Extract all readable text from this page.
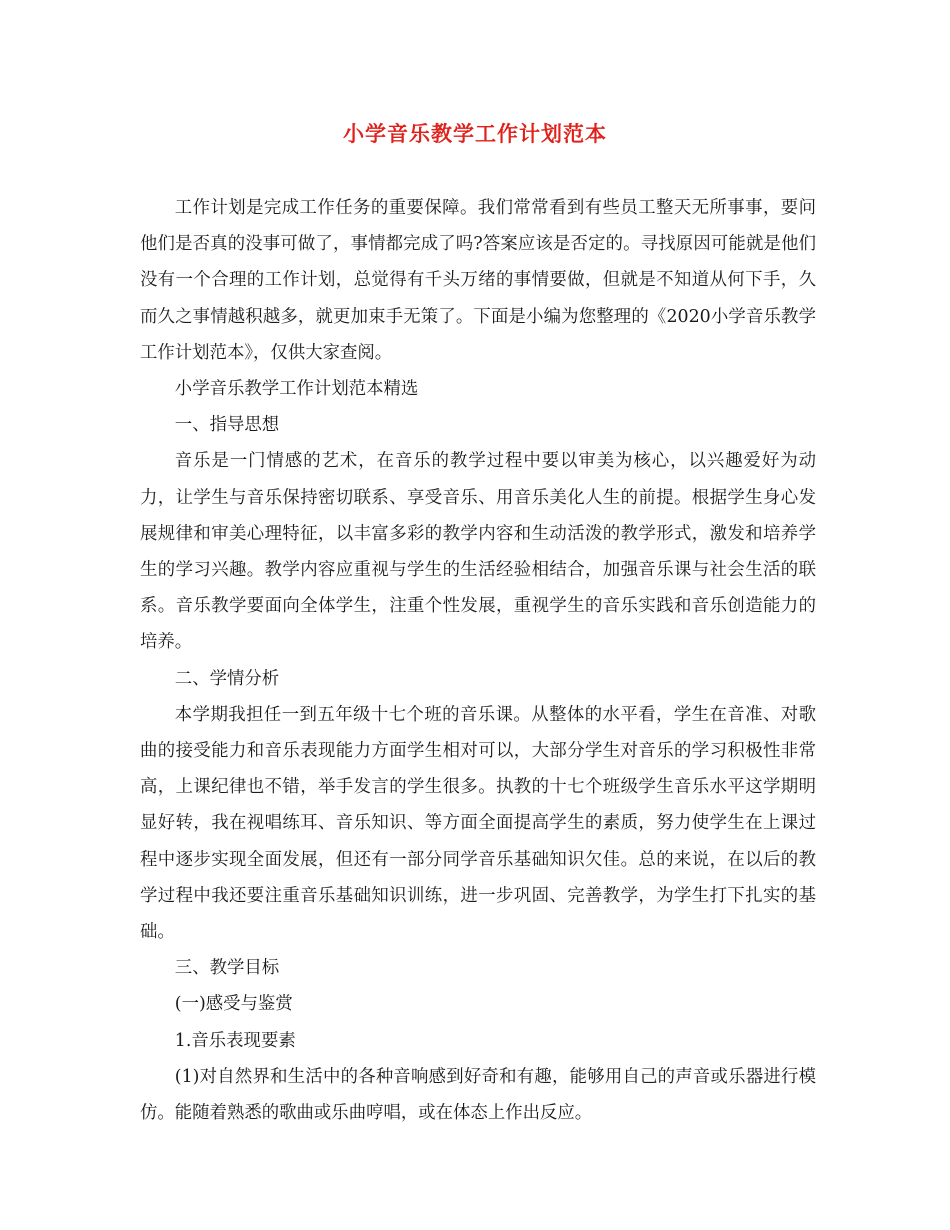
小学音乐教学工作计划范本

工作计划是完成工作任务的重要保障。我们常常看到有些员工整天无所事事，要问他们是否真的没事可做了，事情都完成了吗?答案应该是否定的。寻找原因可能就是他们没有一个合理的工作计划，总觉得有千头万绪的事情要做，但就是不知道从何下手，久而久之事情越积越多，就更加束手无策了。下面是小编为您整理的《2020小学音乐教学工作计划范本》，仅供大家查阅。

小学音乐教学工作计划范本精选

一、指导思想

音乐是一门情感的艺术，在音乐的教学过程中要以审美为核心，以兴趣爱好为动力，让学生与音乐保持密切联系、享受音乐、用音乐美化人生的前提。根据学生身心发展规律和审美心理特征，以丰富多彩的教学内容和生动活泼的教学形式，激发和培养学生的学习兴趣。教学内容应重视与学生的生活经验相结合，加强音乐课与社会生活的联系。音乐教学要面向全体学生，注重个性发展，重视学生的音乐实践和音乐创造能力的培养。

二、学情分析

本学期我担任一到五年级十七个班的音乐课。从整体的水平看，学生在音准、对歌曲的接受能力和音乐表现能力方面学生相对可以，大部分学生对音乐的学习积极性非常高，上课纪律也不错，举手发言的学生很多。执教的十七个班级学生音乐水平这学期明显好转，我在视唱练耳、音乐知识、等方面全面提高学生的素质，努力使学生在上课过程中逐步实现全面发展，但还有一部分同学音乐基础知识欠佳。总的来说，在以后的教学过程中我还要注重音乐基础知识训练，进一步巩固、完善教学，为学生打下扎实的基础。

三、教学目标

(一)感受与鉴赏

1.音乐表现要素

(1)对自然界和生活中的各种音响感到好奇和有趣，能够用自己的声音或乐器进行模仿。能随着熟悉的歌曲或乐曲哼唱，或在体态上作出反应。
